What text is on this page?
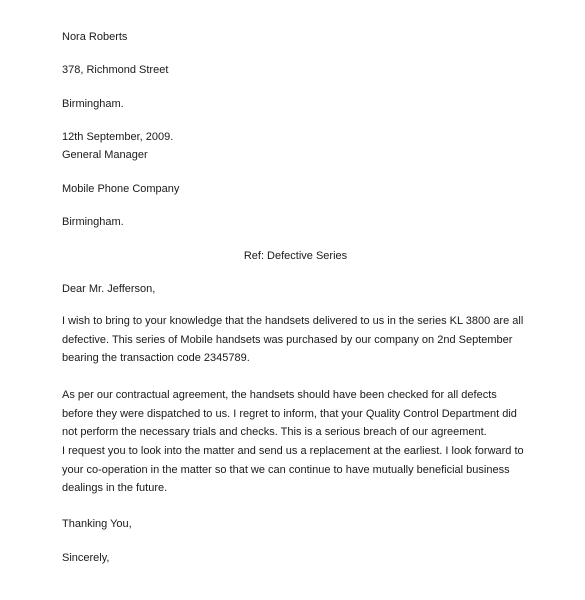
Nora Roberts
378, Richmond Street
Birmingham.
12th September, 2009.
General Manager
Mobile Phone Company
Birmingham.
Ref: Defective Series
Dear Mr. Jefferson,
I wish to bring to your knowledge that the handsets delivered to us in the series KL 3800 are all
defective. This series of Mobile handsets was purchased by our company on 2nd September
bearing the transaction code 2345789.
As per our contractual agreement, the handsets should have been checked for all defects
before they were dispatched to us. I regret to inform, that your Quality Control Department did
not perform the necessary trials and checks. This is a serious breach of our agreement.
I request you to look into the matter and send us a replacement at the earliest. I look forward to
your co-operation in the matter so that we can continue to have mutually beneficial business
dealings in the future.
Thanking You,
Sincerely,
